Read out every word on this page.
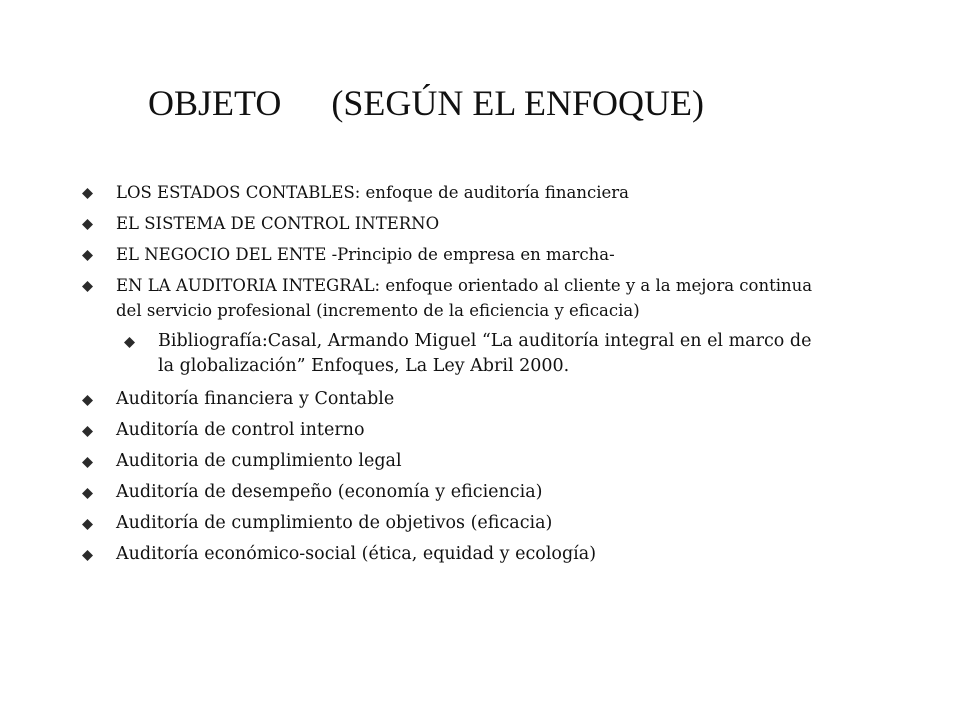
OBJETO (SEGÚN EL ENFOQUE)
LOS ESTADOS CONTABLES: enfoque de auditoría financiera
EL SISTEMA DE CONTROL INTERNO
EL NEGOCIO DEL ENTE -Principio de empresa en marcha-
EN LA AUDITORIA INTEGRAL: enfoque orientado al cliente y a la mejora continua del servicio profesional (incremento de la eficiencia y eficacia)
Bibliografía:Casal, Armando Miguel “La auditoría integral en el marco de la globalización” Enfoques, La Ley Abril 2000.
Auditoría financiera y Contable
Auditoría de control interno
Auditoria de cumplimiento legal
Auditoría de desempeño (economía y eficiencia)
Auditoría de cumplimiento de objetivos (eficacia)
Auditoría económico-social (ética, equidad y ecología)
